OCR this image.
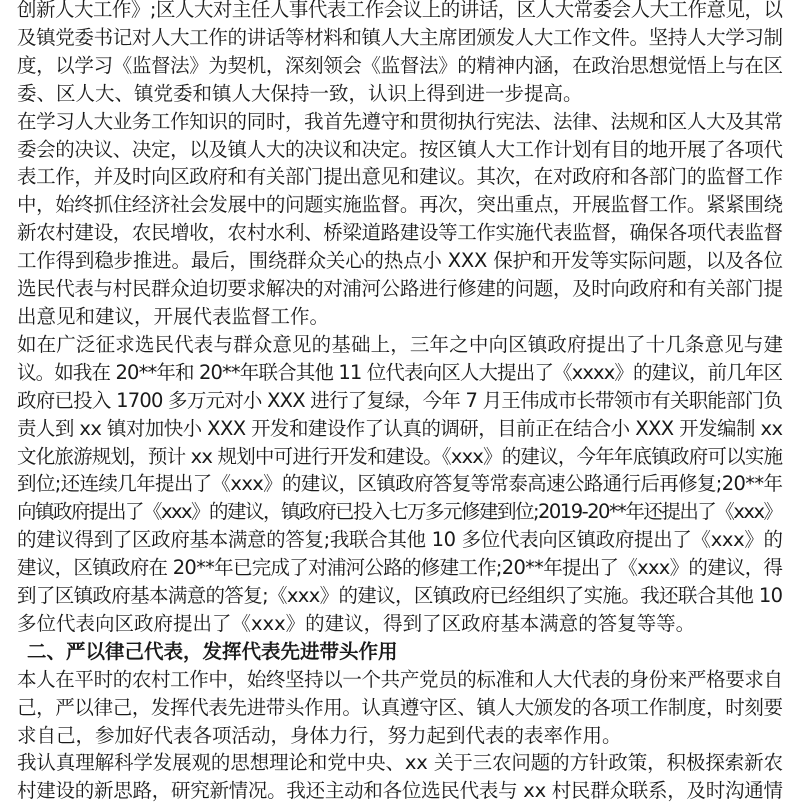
创新人大工作》;区人大对主任人事代表工作会议上的讲话，区人大常委会人大工作意见，以
及镇党委书记对人大工作的讲话等材料和镇人大主席团颁发人大工作文件。坚持人大学习制
度，以学习《监督法》为契机，深刻领会《监督法》的精神内涵，在政治思想觉悟上与在区
委、区人大、镇党委和镇人大保持一致，认识上得到进一步提高。
在学习人大业务工作知识的同时，我首先遵守和贯彻执行宪法、法律、法规和区人大及其常
委会的决议、决定，以及镇人大的决议和决定。按区镇人大工作计划有目的地开展了各项代
表工作，并及时向区政府和有关部门提出意见和建议。其次，在对政府和各部门的监督工作
中，始终抓住经济社会发展中的问题实施监督。再次，突出重点，开展监督工作。紧紧围绕
新农村建设，农民增收，农村水利、桥梁道路建设等工作实施代表监督，确保各项代表监督
工作得到稳步推进。最后，围绕群众关心的热点小 XXX 保护和开发等实际问题，以及各位
选民代表与村民群众迫切要求解决的对浦河公路进行修建的问题，及时向政府和有关部门提
出意见和建议，开展代表监督工作。
如在广泛征求选民代表与群众意见的基础上，三年之中向区镇政府提出了十几条意见与建
议。如我在 20**年和 20**年联合其他 11 位代表向区人大提出了《xxxx》的建议，前几年区
政府已投入 1700 多万元对小 XXX 进行了复绿，今年 7 月王伟成市长带领市有关职能部门负
责人到 xx 镇对加快小 XXX 开发和建设作了认真的调研，目前正在结合小 XXX 开发编制 xx
文化旅游规划，预计 xx 规划中可进行开发和建设。《xxx》的建议，今年年底镇政府可以实施
到位;还连续几年提出了《xxx》的建议，区镇政府答复等常泰高速公路通行后再修复;20**年
向镇政府提出了《xxx》的建议，镇政府已投入七万多元修建到位;2019-20**年还提出了《xxx》
的建议得到了区政府基本满意的答复;我联合其他 10 多位代表向区镇政府提出了《xxx》的
建议，区镇政府在 20**年已完成了对浦河公路的修建工作;20**年提出了《xxx》的建议，得
到了区镇政府基本满意的答复;《xxx》的建议，区镇政府已经组织了实施。我还联合其他 10
多位代表向区政府提出了《xxx》的建议，得到了区政府基本满意的答复等等。
二、严以律己代表，发挥代表先进带头作用
本人在平时的农村工作中，始终坚持以一个共产党员的标准和人大代表的身份来严格要求自
己，严以律己，发挥代表先进带头作用。认真遵守区、镇人大颁发的各项工作制度，时刻要
求自己，参加好代表各项活动，身体力行，努力起到代表的表率作用。
我认真理解科学发展观的思想理论和党中央、xx 关于三农问题的方针政策，积极探索新农
村建设的新思路，研究新情况。我还主动和各位选民代表与 xx 村民群众联系，及时沟通情
